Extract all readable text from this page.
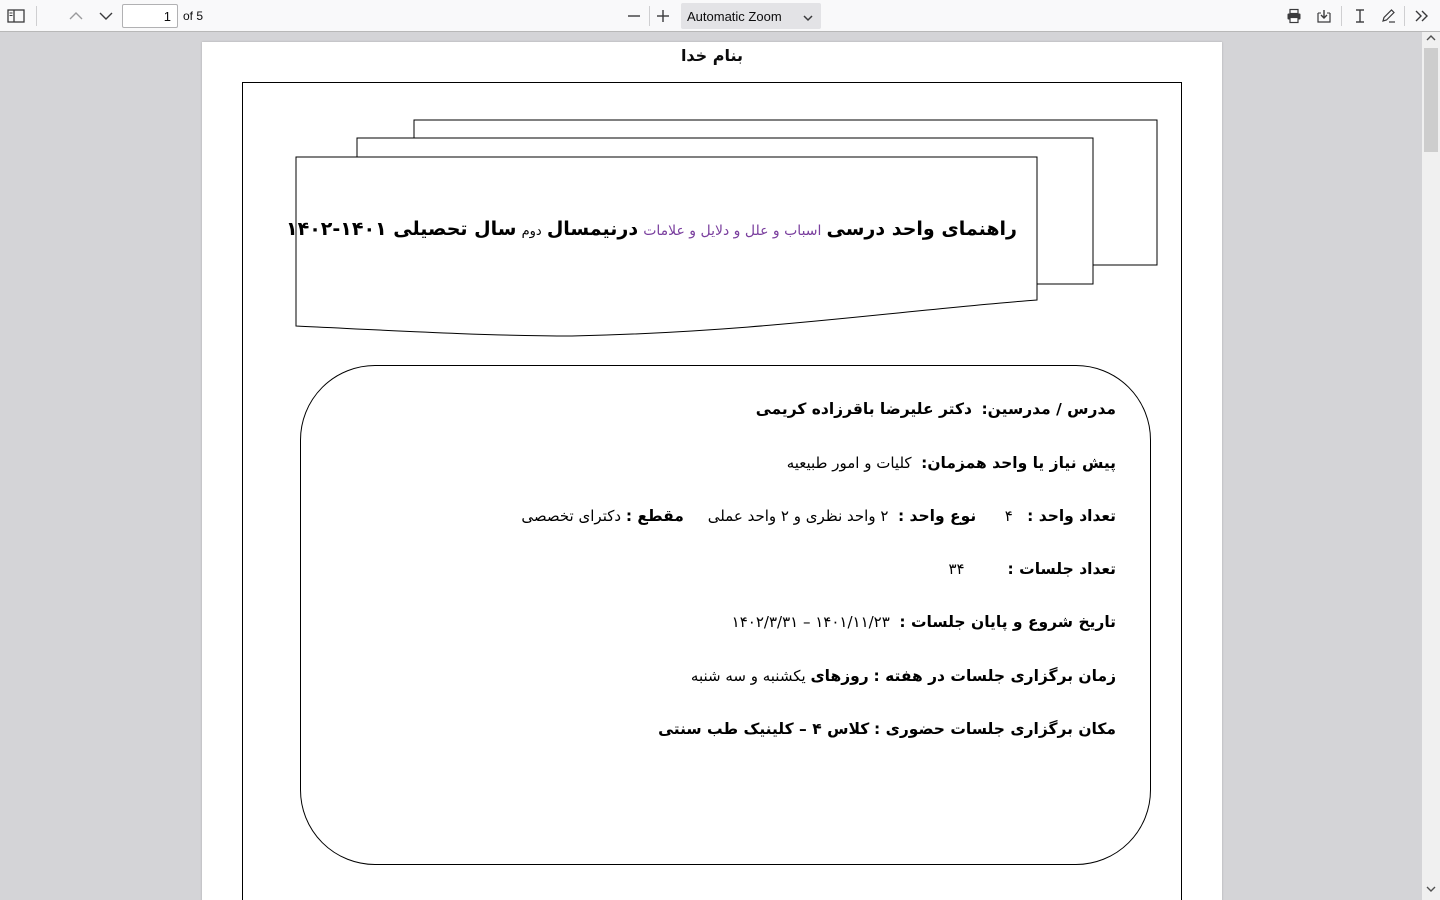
1
of 5	Automatic Zoom
بنام خدا
راهنمای واحد درسی اسباب و علل و دلایل و علامات درنیمسال دوم سال تحصیلی ۱۴۰۱-۱۴۰۲
مدرس / مدرسین:  دکتر علیرضا باقرزاده کریمی
پیش نیاز یا واحد همزمان:  کلیات و امور طبیعیه
تعداد واحد :   ۴      نوع واحد :  ۲ واحد نظری و ۲ واحد عملی     مقطع : دکترای تخصصی
تعداد جلسات :         ۳۴
تاریخ شروع و پایان جلسات :  ۱۴۰۱/۱۱/۲۳ – ۱۴۰۲/۳/۳۱
زمان برگزاری جلسات در هفته : روزهای یکشنبه و سه شنبه
مکان برگزاری جلسات حضوری : کلاس ۴ – کلینیک طب سنتی
